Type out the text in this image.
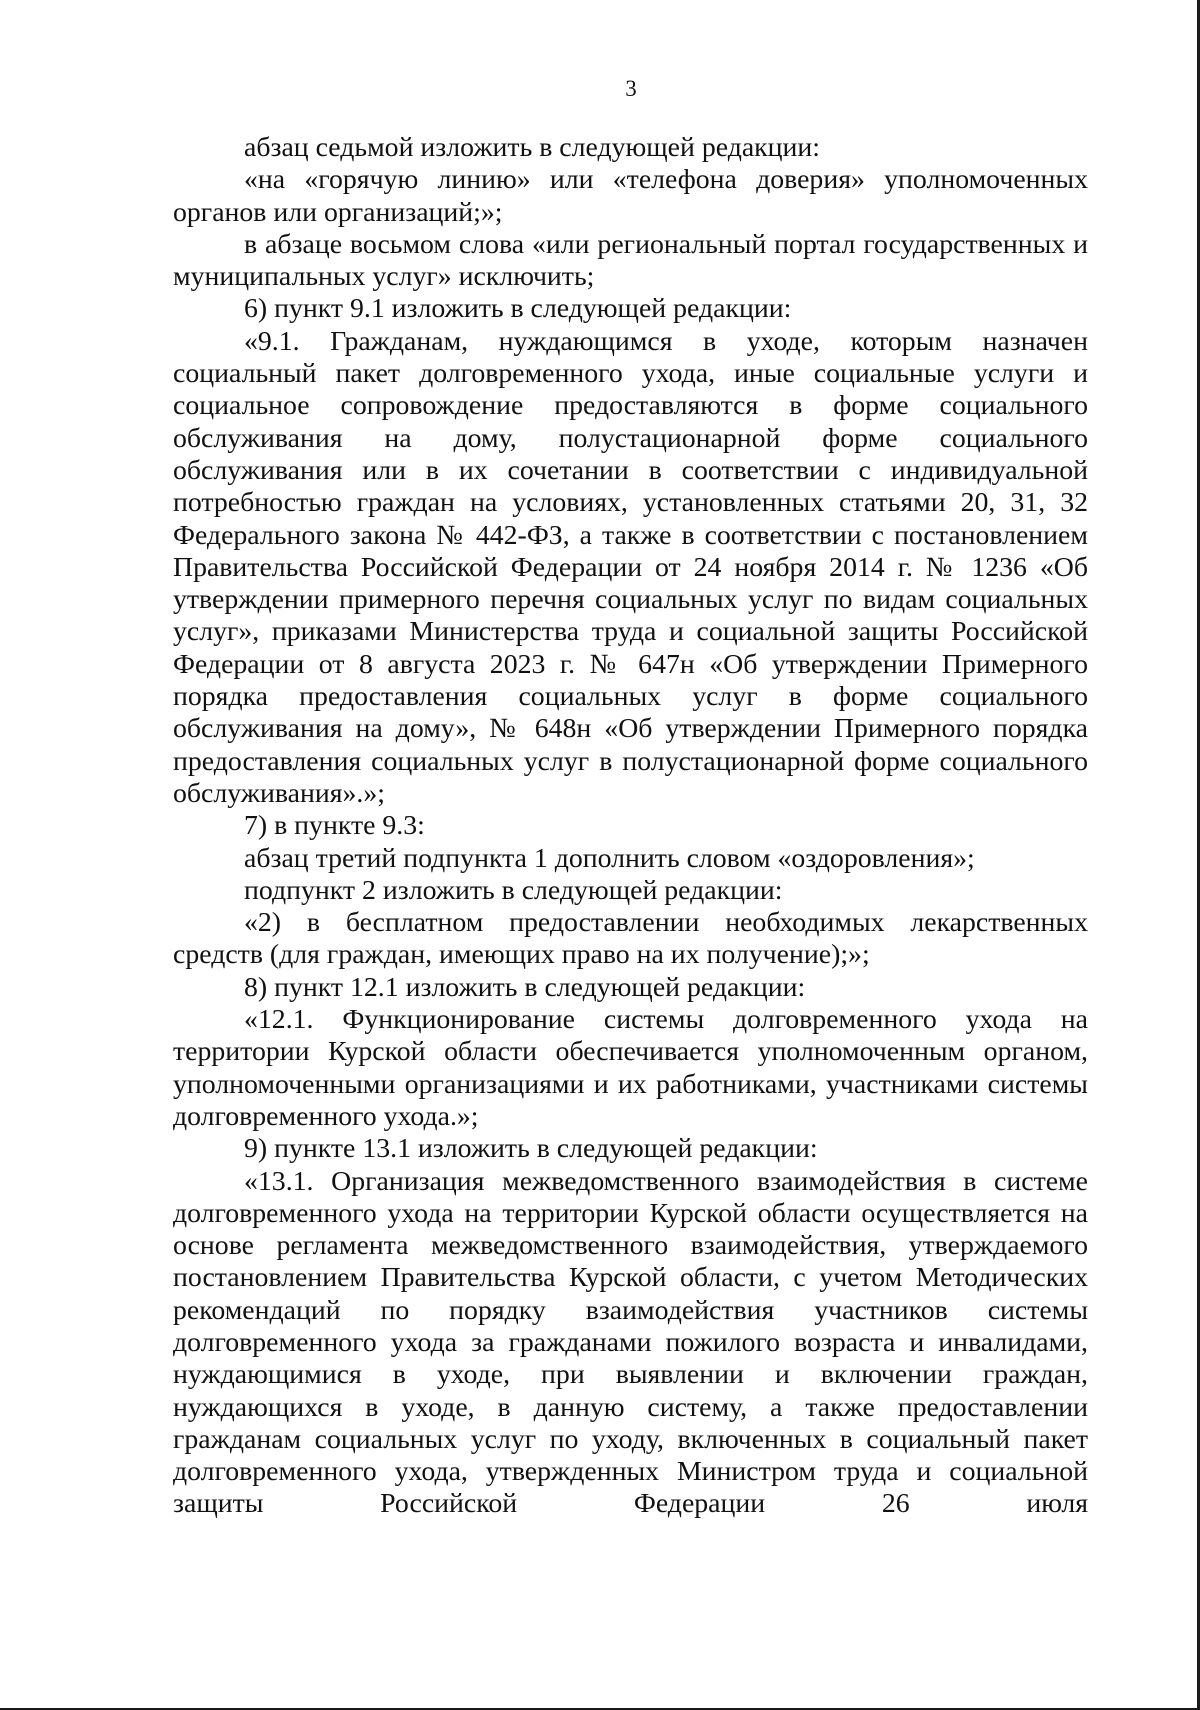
3

абзац седьмой изложить в следующей редакции:

«на «горячую линию» или «телефона доверия» уполномоченных органов или организаций;»;

в абзаце восьмом слова «или региональный портал государственных и муниципальных услуг» исключить;

6) пункт 9.1 изложить в следующей редакции:

«9.1. Гражданам, нуждающимся в уходе, которым назначен социальный пакет долговременного ухода, иные социальные услуги и социальное сопровождение предоставляются в форме социального обслуживания на дому, полустационарной форме социального обслуживания или в их сочетании в соответствии с индивидуальной потребностью граждан на условиях, установленных статьями 20, 31, 32 Федерального закона № 442-ФЗ, а также в соответствии с постановлением Правительства Российской Федерации от 24 ноября 2014 г. № 1236 «Об утверждении примерного перечня социальных услуг по видам социальных услуг», приказами Министерства труда и социальной защиты Российской Федерации от 8 августа 2023 г. № 647н «Об утверждении Примерного порядка предоставления социальных услуг в форме социального обслуживания на дому», № 648н «Об утверждении Примерного порядка предоставления социальных услуг в полустационарной форме социального обслуживания».»;

7) в пункте 9.3:

абзац третий подпункта 1 дополнить словом «оздоровления»;

подпункт 2 изложить в следующей редакции:

«2) в бесплатном предоставлении необходимых лекарственных средств (для граждан, имеющих право на их получение);»;

8) пункт 12.1 изложить в следующей редакции:

«12.1. Функционирование системы долговременного ухода на территории Курской области обеспечивается уполномоченным органом, уполномоченными организациями и их работниками, участниками системы долговременного ухода.»;

9) пункте 13.1 изложить в следующей редакции:

«13.1. Организация межведомственного взаимодействия в системе долговременного ухода на территории Курской области осуществляется на основе регламента межведомственного взаимодействия, утверждаемого постановлением Правительства Курской области, с учетом Методических рекомендаций по порядку взаимодействия участников системы долговременного ухода за гражданами пожилого возраста и инвалидами, нуждающимися в уходе, при выявлении и включении граждан, нуждающихся в уходе, в данную систему, а также предоставлении гражданам социальных услуг по уходу, включенных в социальный пакет долговременного ухода, утвержденных Министром труда и социальной защиты Российской Федерации 26 июля
